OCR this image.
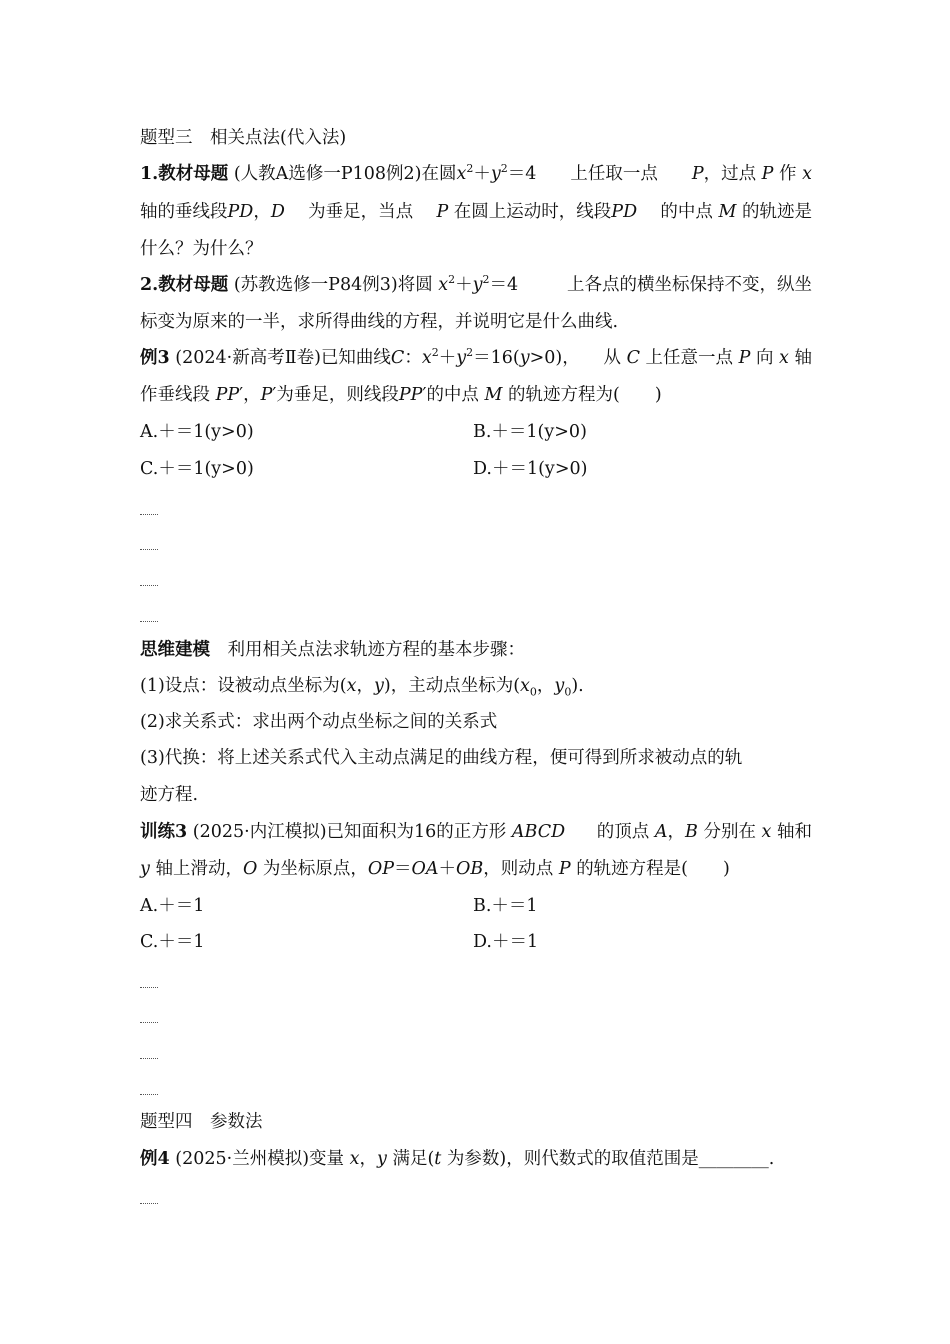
题型三　相关点法(代入法)
1.教材母题 (人教A选修一P108例2)在圆$x^2+y^2=4$ 上任取一点 P，过点 P 作 x
轴的垂线段PD，D 为垂足，当点 P 在圆上运动时，线段PD 的中点 M 的轨迹是
什么？为什么？
2.教材母题 (苏教选修一P84例3)将圆 $x^2+y^2=4$	上各点的横坐标保持不变，纵坐
标变为原来的一半，求所得曲线的方程，并说明它是什么曲线.
例3 (2024·新高考Ⅱ卷)已知曲线C：$x^2+y^2=16(y>0)$， 从 C 上任意一点 P 向 x 轴
作垂线段 PP′，P′为垂足，则线段PP′的中点 M 的轨迹方程为(　　)
A.＋＝1(y>0)	B.＋＝1(y>0)
C.＋＝1(y>0)	D.＋＝1(y>0)
思维建模　 利用相关点法求轨迹方程的基本步骤：
(1)设点：设被动点坐标为(x，y)，主动点坐标为($x_0$，$y_0$).
(2)求关系式：求出两个动点坐标之间的关系式
(3)代换：将上述关系式代入主动点满足的曲线方程，便可得到所求被动点的轨
迹方程.
训练3 (2025·内江模拟)已知面积为16的正方形 ABCD 的顶点 A，B 分别在 x 轴和
y 轴上滑动，O 为坐标原点，OP＝OA＋OB，则动点 P 的轨迹方程是(　　)
A.＋＝1	B.＋＝1
C.＋＝1	D.＋＝1
题型四　参数法
例4 (2025·兰州模拟)变量 x，y 满足(t 为参数)，则代数式的取值范围是________.
